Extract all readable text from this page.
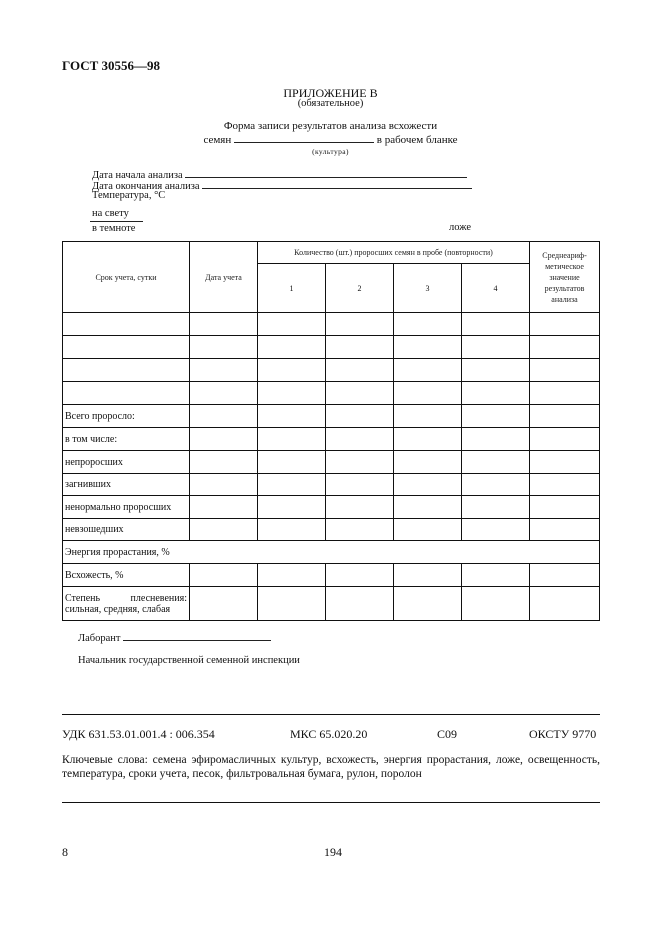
ГОСТ 30556—98
ПРИЛОЖЕНИЕ В
(обязательное)
Форма записи результатов анализа всхожести
семян	в рабочем бланке
(культура)
Дата начала анализа
Дата окончания анализа
Температура, °С
на свету
в темноте	ложе
Срок учета, сутки	Дата учета	Количество (шт.) проросших семян в пробе (повторности)				Среднеариф-метическое значение результатов анализа
		1	2	3	4	

Всего проросло:						
в том числе:						
непроросших						
загнивших						
ненормально проросших						
невзошедших						
Энергия прорастания, %						
Всхожесть, %						

Степень плесневения:
сильная, средняя, слабая						

Лаборант
Начальник государственной семенной инспекции
УДК 631.53.01.001.4 : 006.354	МКС 65.020.20	С09	ОКСТУ 9770
Ключевые слова: семена эфиромасличных культур, всхожесть, энергия прорастания, ложе, освещенность, температура, сроки учета, песок, фильтровальная бумага, рулон, поролон
8	194
